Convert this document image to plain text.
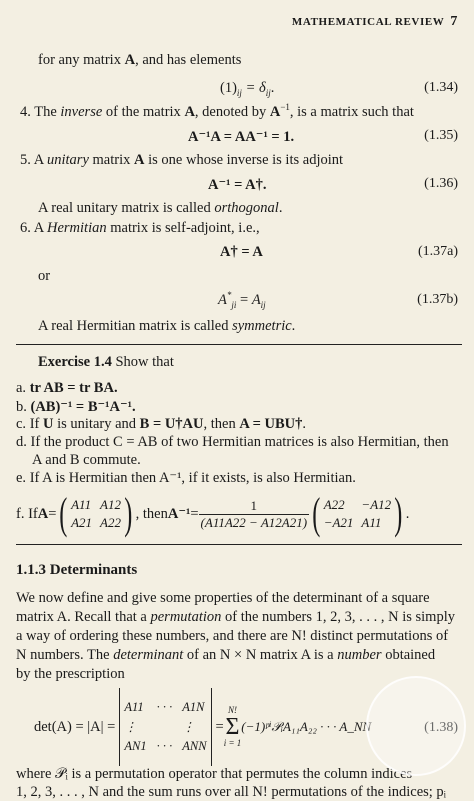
MATHEMATICAL REVIEW 7
for any matrix A, and has elements
$(1)_{ij} = \delta_{ij}$.	(1.34)
4. The inverse of the matrix A, denoted by $A^{-1}$, is a matrix such that
A⁻¹A = AA⁻¹ = 1.	(1.35)
5. A unitary matrix A is one whose inverse is its adjoint
A⁻¹ = A†.	(1.36)
A real unitary matrix is called orthogonal.
6. A Hermitian matrix is self-adjoint, i.e.,
A† = A	(1.37a)
or
$A^*_{ji} = A_{ij}$	(1.37b)
A real Hermitian matrix is called symmetric.
Exercise 1.4 Show that
a. tr AB = tr BA.
b. (AB)⁻¹ = B⁻¹A⁻¹.
c. If U is unitary and B = U†AU, then A = UBU†.
d. If the product C = AB of two Hermitian matrices is also Hermitian, then
A and B commute.
e. If A is Hermitian then A⁻¹, if it exists, is also Hermitian.
f.
If A = ( A11 A12
A21 A22 ) , then $A^{-1} = \frac{1}{(A11A22 - A12A21)}$ ( A22	−A12
−A21 A11 ) .
1.1.3 Determinants
We now define and give some properties of the determinant of a square
matrix A. Recall that a permutation of the numbers 1, 2, 3, . . . , N is simply
a way of ordering these numbers, and there are N! distinct permutations of
N numbers. The determinant of an N × N matrix A is a number obtained
by the prescription
det(A) = |A| =
A11 · · · A1N
⋮	⋮
AN1 · · · ANN
=
N!
Σ
i = 1
(−1)ᵖⁱ𝒫ᵢA₁₁A₂₂ · · · A_NN	(1.38)
where 𝒫ᵢ is a permutation operator that permutes the column indices
1, 2, 3, . . . , N and the sum runs over all N! permutations of the indices; pᵢ
